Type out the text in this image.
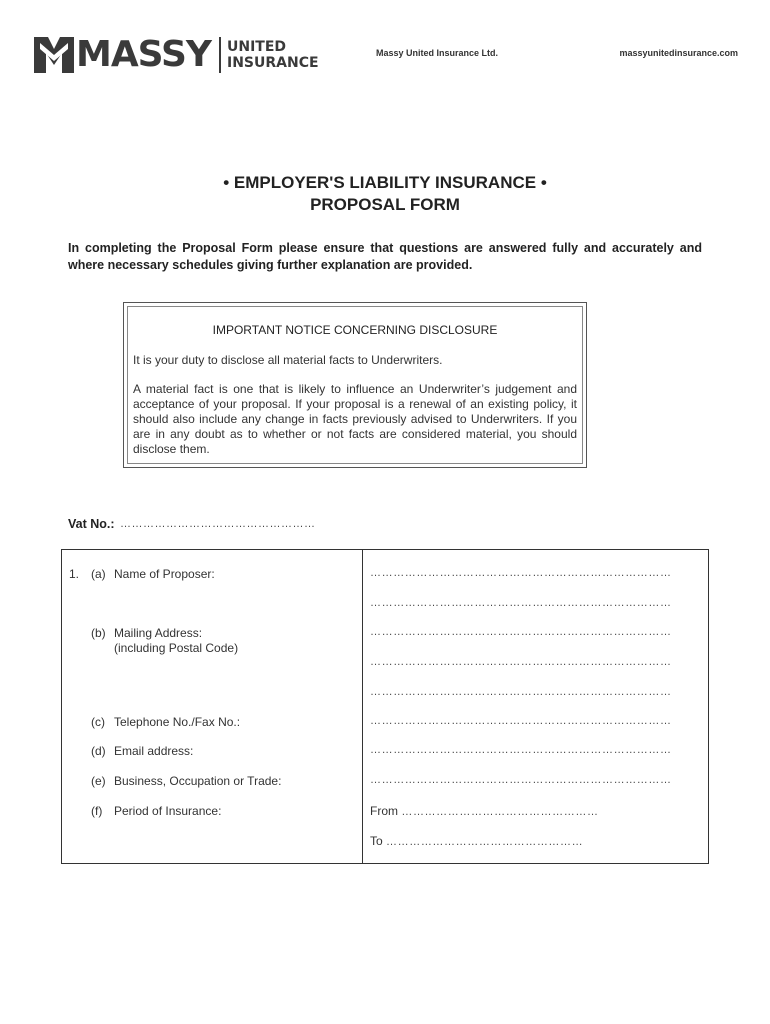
MASSY UNITED
INSURANCE
Massy United Insurance Ltd.	massyunitedinsurance.com
• EMPLOYER'S LIABILITY INSURANCE •
PROPOSAL FORM
In completing the Proposal Form please ensure that questions are answered fully and accurately and where necessary schedules giving further explanation are provided.
IMPORTANT NOTICE CONCERNING DISCLOSURE
It is your duty to disclose all material facts to Underwriters.
A material fact is one that is likely to influence an Underwriter’s judgement and acceptance of your proposal. If your proposal is a renewal of an existing policy, it should also include any change in facts previously advised to Underwriters. If you are in any doubt as to whether or not facts are considered material, you should disclose them.
Vat No.: ……………………………………………
1. (a) Name of Proposer:	……………………………………………………………………
……………………………………………………………………
(b) Mailing Address:
(including Postal Code)
……………………………………………………………………
……………………………………………………………………
……………………………………………………………………
(c) Telephone No./Fax No.:	……………………………………………………………………
(d) Email address:	……………………………………………………………………
(e) Business, Occupation or Trade:	……………………………………………………………………
(f) Period of Insurance:	From ……………………………………………
To ……………………………………………
